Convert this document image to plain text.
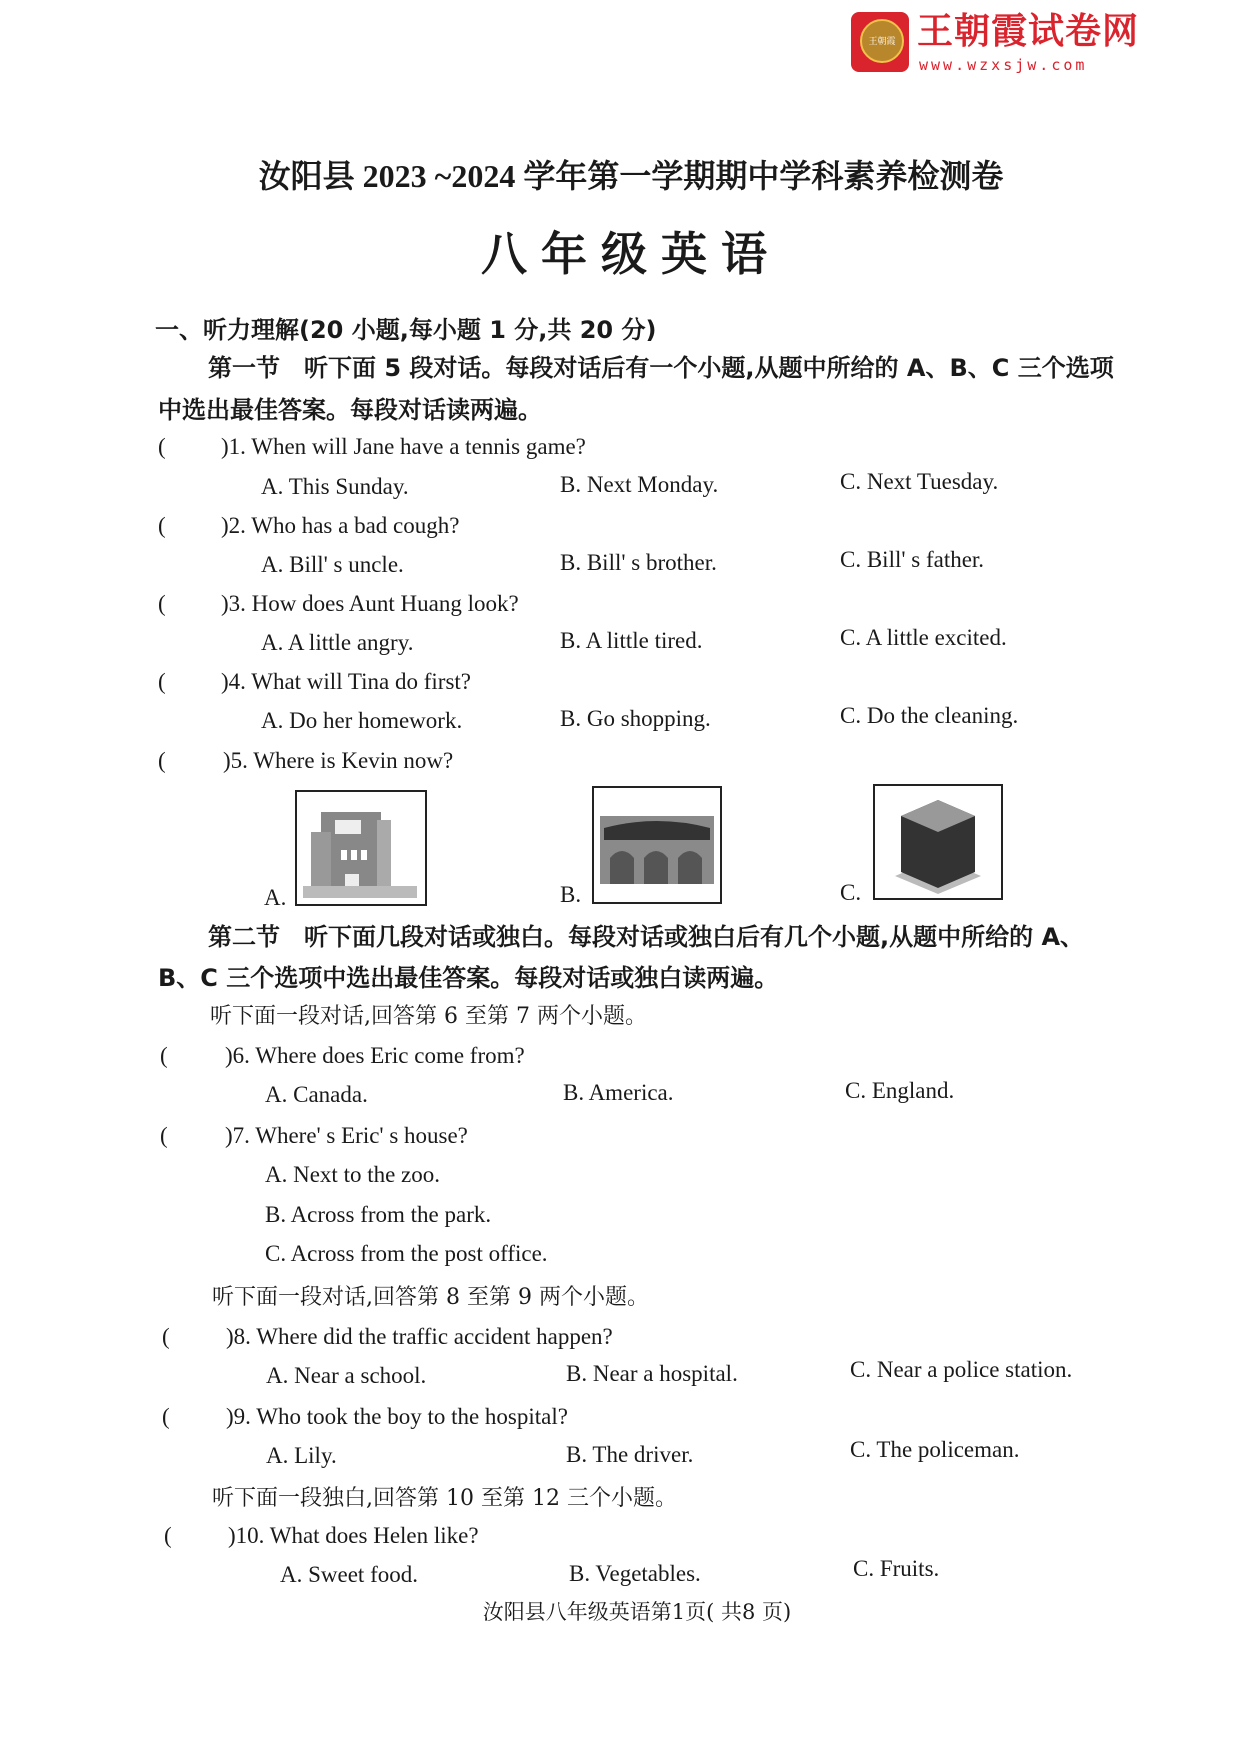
王朝霞 王朝霞试卷网
www.wzxsjw.com
汝阳县 2023 ~2024 学年第一学期期中学科素养检测卷
八年级英语
一、听力理解(20 小题,每小题 1 分,共 20 分)
第一节　听下面 5 段对话。每段对话后有一个小题,从题中所给的 A、B、C 三个选项
中选出最佳答案。每段对话读两遍。
( )1. When will Jane have a tennis game?
A. This Sunday.	B. Next Monday.	C. Next Tuesday.
( )2. Who has a bad cough?
A. Bill' s uncle.	B. Bill' s brother.	C. Bill' s father.
( )3. How does Aunt Huang look?
A. A little angry.	B. A little tired.	C. A little excited.
( )4. What will Tina do first?
A. Do her homework.	B. Go shopping.	C. Do the cleaning.
( )5. Where is Kevin now?
A.	B.	C.
第二节　听下面几段对话或独白。每段对话或独白后有几个小题,从题中所给的 A、
B、C 三个选项中选出最佳答案。每段对话或独白读两遍。
听下面一段对话,回答第 6 至第 7 两个小题。
( )6. Where does Eric come from?
A. Canada.	B. America.	C. England.
( )7. Where' s Eric' s house?
A. Next to the zoo.
B. Across from the park.
C. Across from the post office.
听下面一段对话,回答第 8 至第 9 两个小题。
( )8. Where did the traffic accident happen?
A. Near a school.	B. Near a hospital.	C. Near a police station.
( )9. Who took the boy to the hospital?
A. Lily.	B. The driver.	C. The policeman.
听下面一段独白,回答第 10 至第 12 三个小题。
( )10. What does Helen like?
A. Sweet food.	B. Vegetables.	C. Fruits.
汝阳县八年级英语第1页( 共8 页)
